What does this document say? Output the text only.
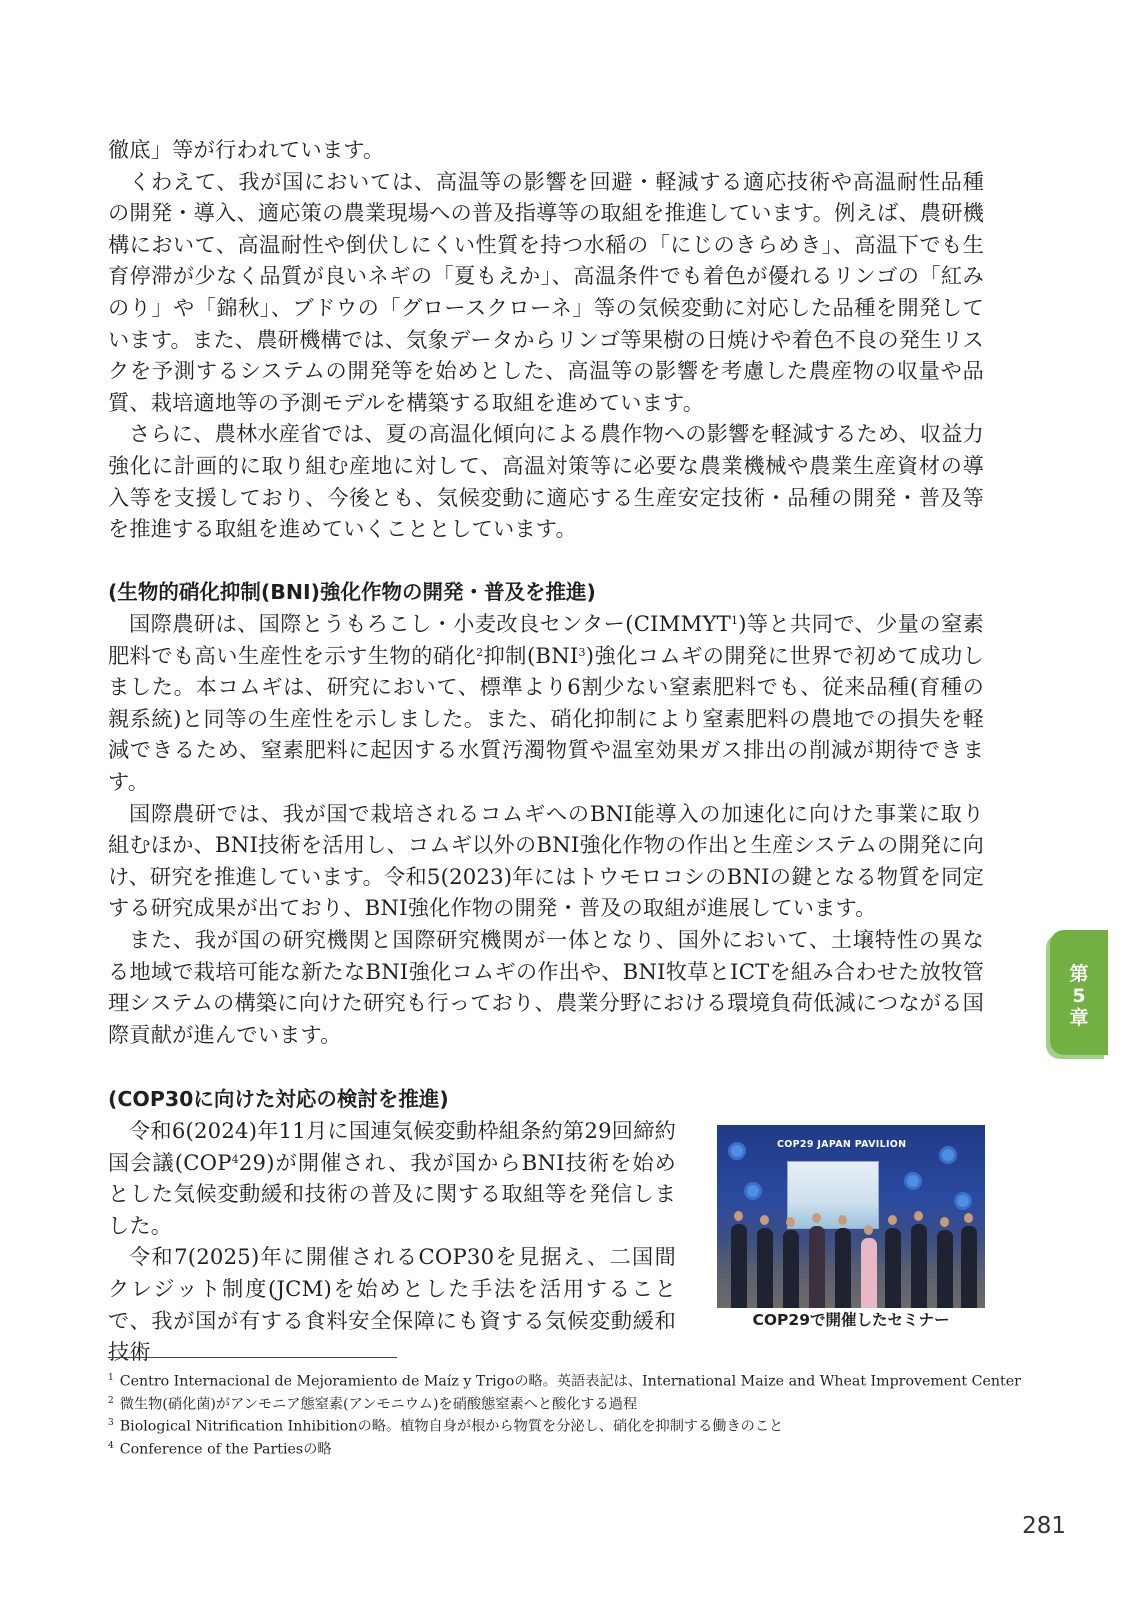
徹底」等が行われています。

くわえて、我が国においては、高温等の影響を回避・軽減する適応技術や高温耐性品種の開発・導入、適応策の農業現場への普及指導等の取組を推進しています。例えば、農研機構において、高温耐性や倒伏しにくい性質を持つ水稲の「にじのきらめき」、高温下でも生育停滞が少なく品質が良いネギの「夏もえか」、高温条件でも着色が優れるリンゴの「紅みのり」や「錦秋」、ブドウの「グロースクローネ」等の気候変動に対応した品種を開発しています。また、農研機構では、気象データからリンゴ等果樹の日焼けや着色不良の発生リスクを予測するシステムの開発等を始めとした、高温等の影響を考慮した農産物の収量や品質、栽培適地等の予測モデルを構築する取組を進めています。

さらに、農林水産省では、夏の高温化傾向による農作物への影響を軽減するため、収益力強化に計画的に取り組む産地に対して、高温対策等に必要な農業機械や農業生産資材の導入等を支援しており、今後とも、気候変動に適応する生産安定技術・品種の開発・普及等を推進する取組を進めていくこととしています。

(生物的硝化抑制(BNI)強化作物の開発・普及を推進)

国際農研は、国際とうもろこし・小麦改良センター(CIMMYT$^1$)等と共同で、少量の窒素肥料でも高い生産性を示す生物的硝化$^2$抑制(BNI$^3$)強化コムギの開発に世界で初めて成功しました。本コムギは、研究において、標準より6割少ない窒素肥料でも、従来品種(育種の親系統)と同等の生産性を示しました。また、硝化抑制により窒素肥料の農地での損失を軽減できるため、窒素肥料に起因する水質汚濁物質や温室効果ガス排出の削減が期待できます。

国際農研では、我が国で栽培されるコムギへのBNI能導入の加速化に向けた事業に取り組むほか、BNI技術を活用し、コムギ以外のBNI強化作物の作出と生産システムの開発に向け、研究を推進しています。令和5(2023)年にはトウモロコシのBNIの鍵となる物質を同定する研究成果が出ており、BNI強化作物の開発・普及の取組が進展しています。

また、我が国の研究機関と国際研究機関が一体となり、国外において、土壌特性の異なる地域で栽培可能な新たなBNI強化コムギの作出や、BNI牧草とICTを組み合わせた放牧管理システムの構築に向けた研究も行っており、農業分野における環境負荷低減につながる国際貢献が進んでいます。

(COP30に向けた対応の検討を推進)

令和6(2024)年11月に国連気候変動枠組条約第29回締約国会議(COP$^4$29)が開催され、我が国からBNI技術を始めとした気候変動緩和技術の普及に関する取組等を発信しました。

令和7(2025)年に開催されるCOP30を見据え、二国間クレジット制度(JCM)を始めとした手法を活用することで、我が国が有する食料安全保障にも資する気候変動緩和技術

COP29 JAPAN PAVILION

COP29で開催したセミナー

$^1$ Centro Internacional de Mejoramiento de Maíz y Trigoの略。英語表記は、International Maize and Wheat Improvement Center

$^2$ 微生物(硝化菌)がアンモニア態窒素(アンモニウム)を硝酸態窒素へと酸化する過程

$^3$ Biological Nitrification Inhibitionの略。植物自身が根から物質を分泌し、硝化を抑制する働きのこと

$^4$ Conference of the Partiesの略

第
5
章
281
